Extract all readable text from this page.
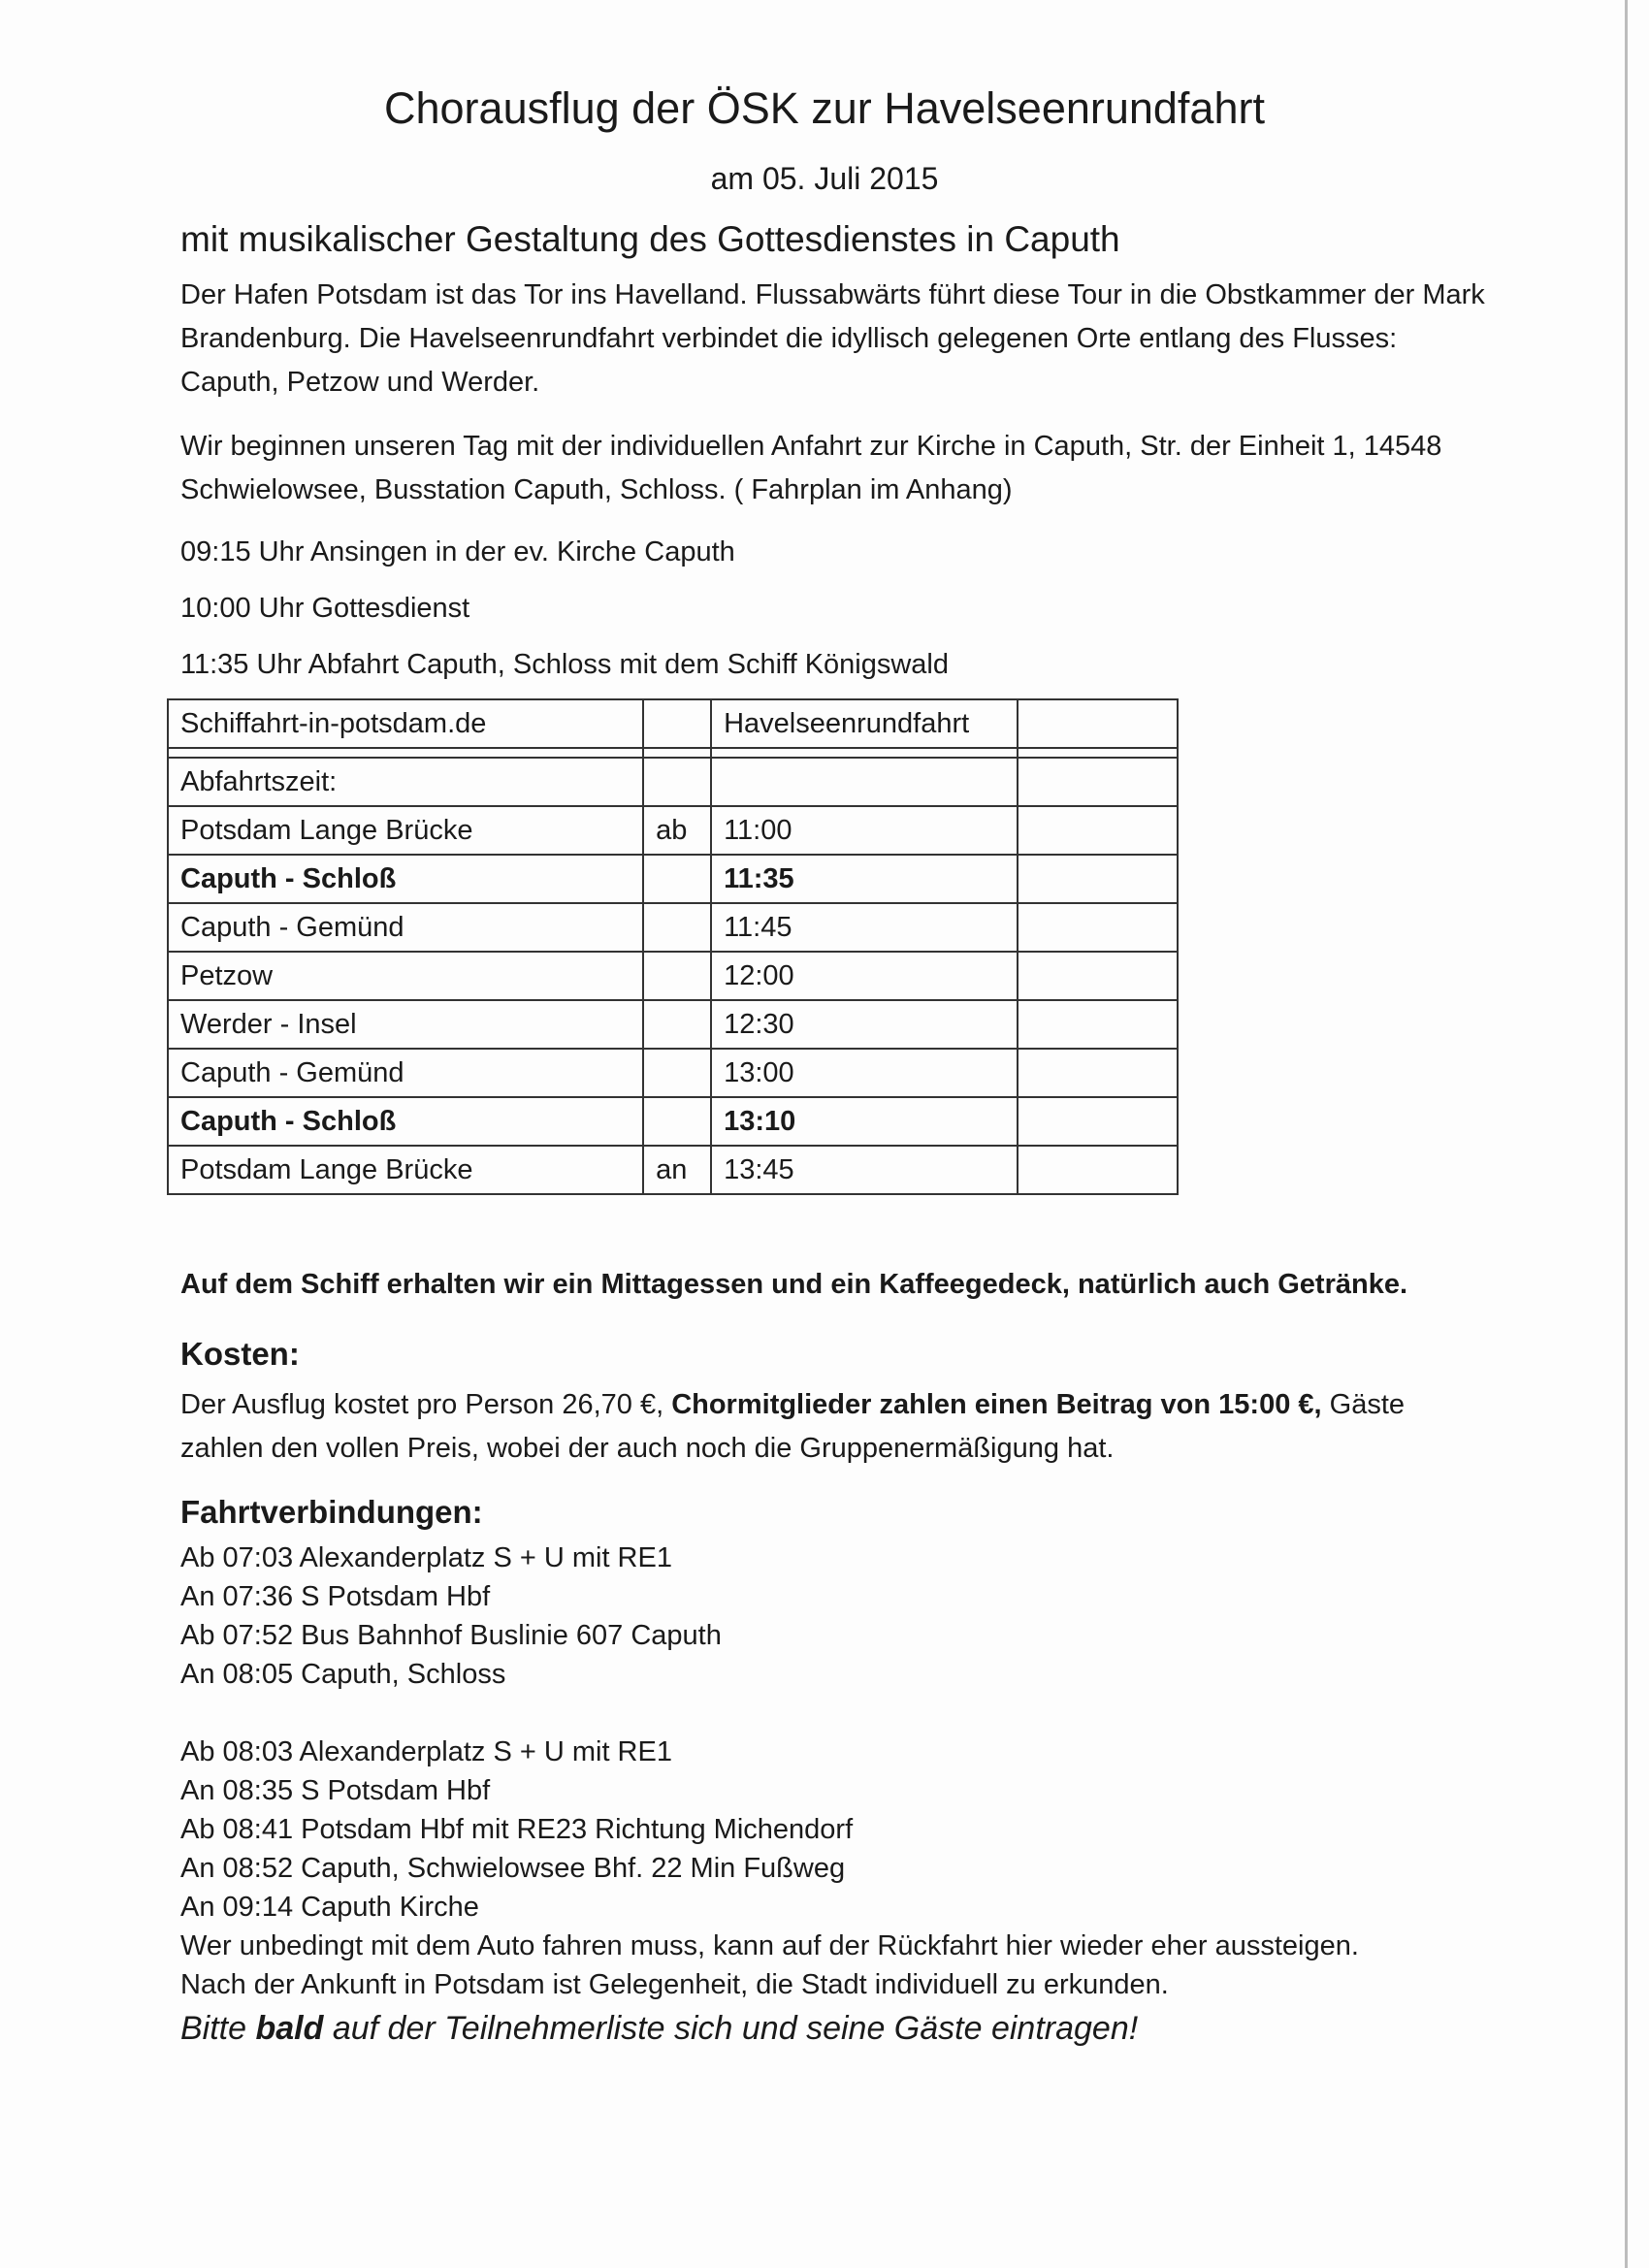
Chorausflug der ÖSK zur Havelseenrundfahrt
am 05. Juli 2015
mit musikalischer Gestaltung des Gottesdienstes in Caputh
Der Hafen Potsdam ist das Tor ins Havelland. Flussabwärts führt diese Tour in die Obstkammer der Mark Brandenburg. Die Havelseenrundfahrt verbindet die idyllisch gelegenen Orte entlang des Flusses: Caputh, Petzow und Werder.
Wir beginnen unseren Tag mit der individuellen Anfahrt zur Kirche in Caputh, Str. der Einheit 1, 14548 Schwielowsee, Busstation Caputh, Schloss. ( Fahrplan im Anhang)
09:15 Uhr Ansingen in der ev. Kirche Caputh
10:00 Uhr Gottesdienst
11:35 Uhr Abfahrt Caputh, Schloss mit dem Schiff Königswald
Schiffahrt-in-potsdam.de		Havelseenrundfahrt	

Abfahrtszeit:			
Potsdam Lange Brücke	ab	11:00	
Caputh - Schloß		11:35	
Caputh - Gemünd		11:45	
Petzow		12:00	
Werder - Insel		12:30	
Caputh - Gemünd		13:00	
Caputh - Schloß		13:10	
Potsdam Lange Brücke	an	13:45	
Auf dem Schiff erhalten wir ein Mittagessen und ein Kaffeegedeck, natürlich auch Getränke.
Kosten:
Der Ausflug kostet pro Person 26,70 €, Chormitglieder zahlen einen Beitrag von 15:00 €, Gäste
zahlen den vollen Preis, wobei der auch noch die Gruppenermäßigung hat.
Fahrtverbindungen:
Ab 07:03 Alexanderplatz S + U mit RE1
An 07:36 S Potsdam Hbf
Ab 07:52 Bus Bahnhof Buslinie 607 Caputh
An 08:05 Caputh, Schloss
Ab 08:03 Alexanderplatz S + U mit RE1
An 08:35 S Potsdam Hbf
Ab 08:41 Potsdam Hbf mit RE23 Richtung Michendorf
An 08:52 Caputh, Schwielowsee Bhf. 22 Min Fußweg
An 09:14 Caputh Kirche
Wer unbedingt mit dem Auto fahren muss, kann auf der Rückfahrt hier wieder eher aussteigen.
Nach der Ankunft in Potsdam ist Gelegenheit, die Stadt individuell zu erkunden.
Bitte bald auf der Teilnehmerliste sich und seine Gäste eintragen!
